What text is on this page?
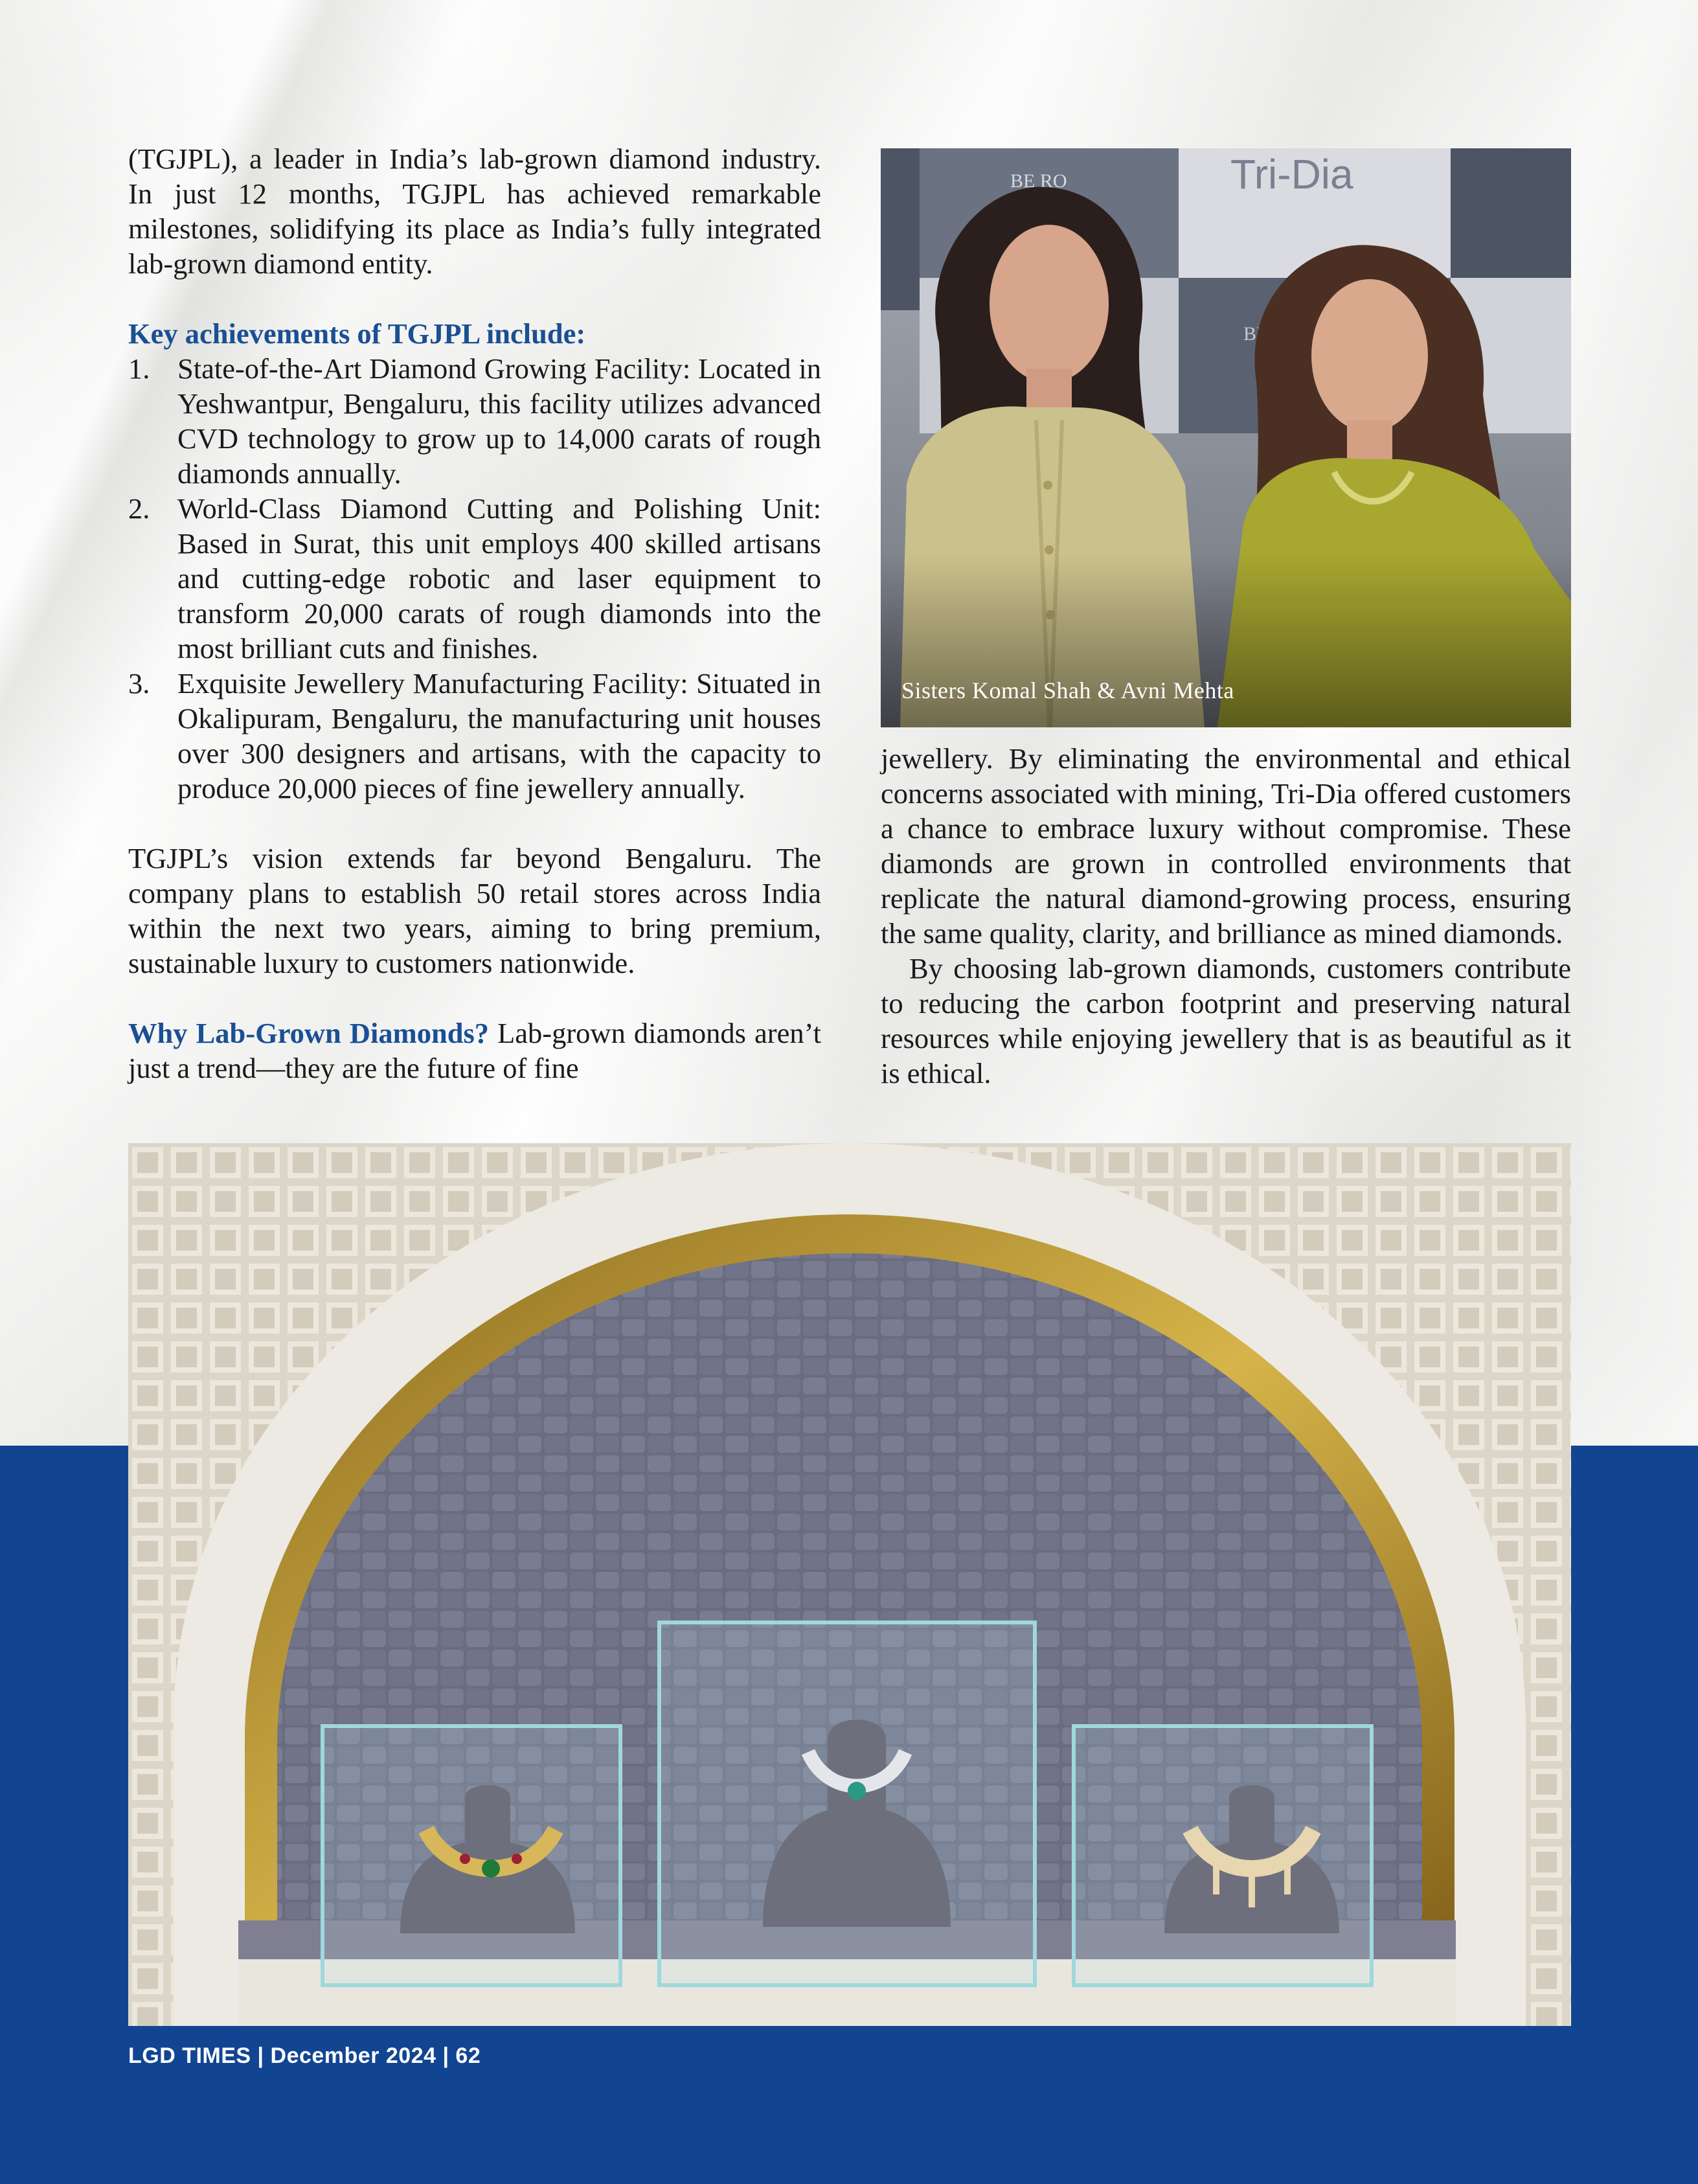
(TGJPL), a leader in India’s lab-grown diamond industry. In just 12 months, TGJPL has achieved remarkable milestones, solidifying its place as India’s fully integrated lab-grown diamond entity.

Key achievements of TGJPL include:

1. State-of-the-Art Diamond Growing Facility: Located in Yeshwantpur, Bengaluru, this facility utilizes advanced CVD technology to grow up to 14,000 carats of rough diamonds annually.
2. World-Class Diamond Cutting and Polishing Unit: Based in Surat, this unit employs 400 skilled artisans and cutting-edge robotic and laser equipment to transform 20,000 carats of rough diamonds into the most brilliant cuts and finishes.
3. Exquisite Jewellery Manufacturing Facility: Situated in Okalipuram, Bengaluru, the manufacturing unit houses over 300 designers and artisans, with the capacity to produce 20,000 pieces of fine jewellery annually.

TGJPL’s vision extends far beyond Bengaluru. The company plans to establish 50 retail stores across India within the next two years, aiming to bring premium, sustainable luxury to customers nationwide.

Why Lab-Grown Diamonds? Lab-grown diamonds aren’t just a trend—they are the future of fine

Sisters Komal Shah & Avni Mehta

jewellery. By eliminating the environmental and ethical concerns associated with mining, Tri-Dia offered customers a chance to embrace luxury without compromise. These diamonds are grown in controlled environments that replicate the natural diamond-growing process, ensuring the same quality, clarity, and brilliance as mined diamonds.

By choosing lab-grown diamonds, customers contribute to reducing the carbon footprint and preserving natural resources while enjoying jewellery that is as beautiful as it is ethical.

LGD TIMES | December 2024 | 62
